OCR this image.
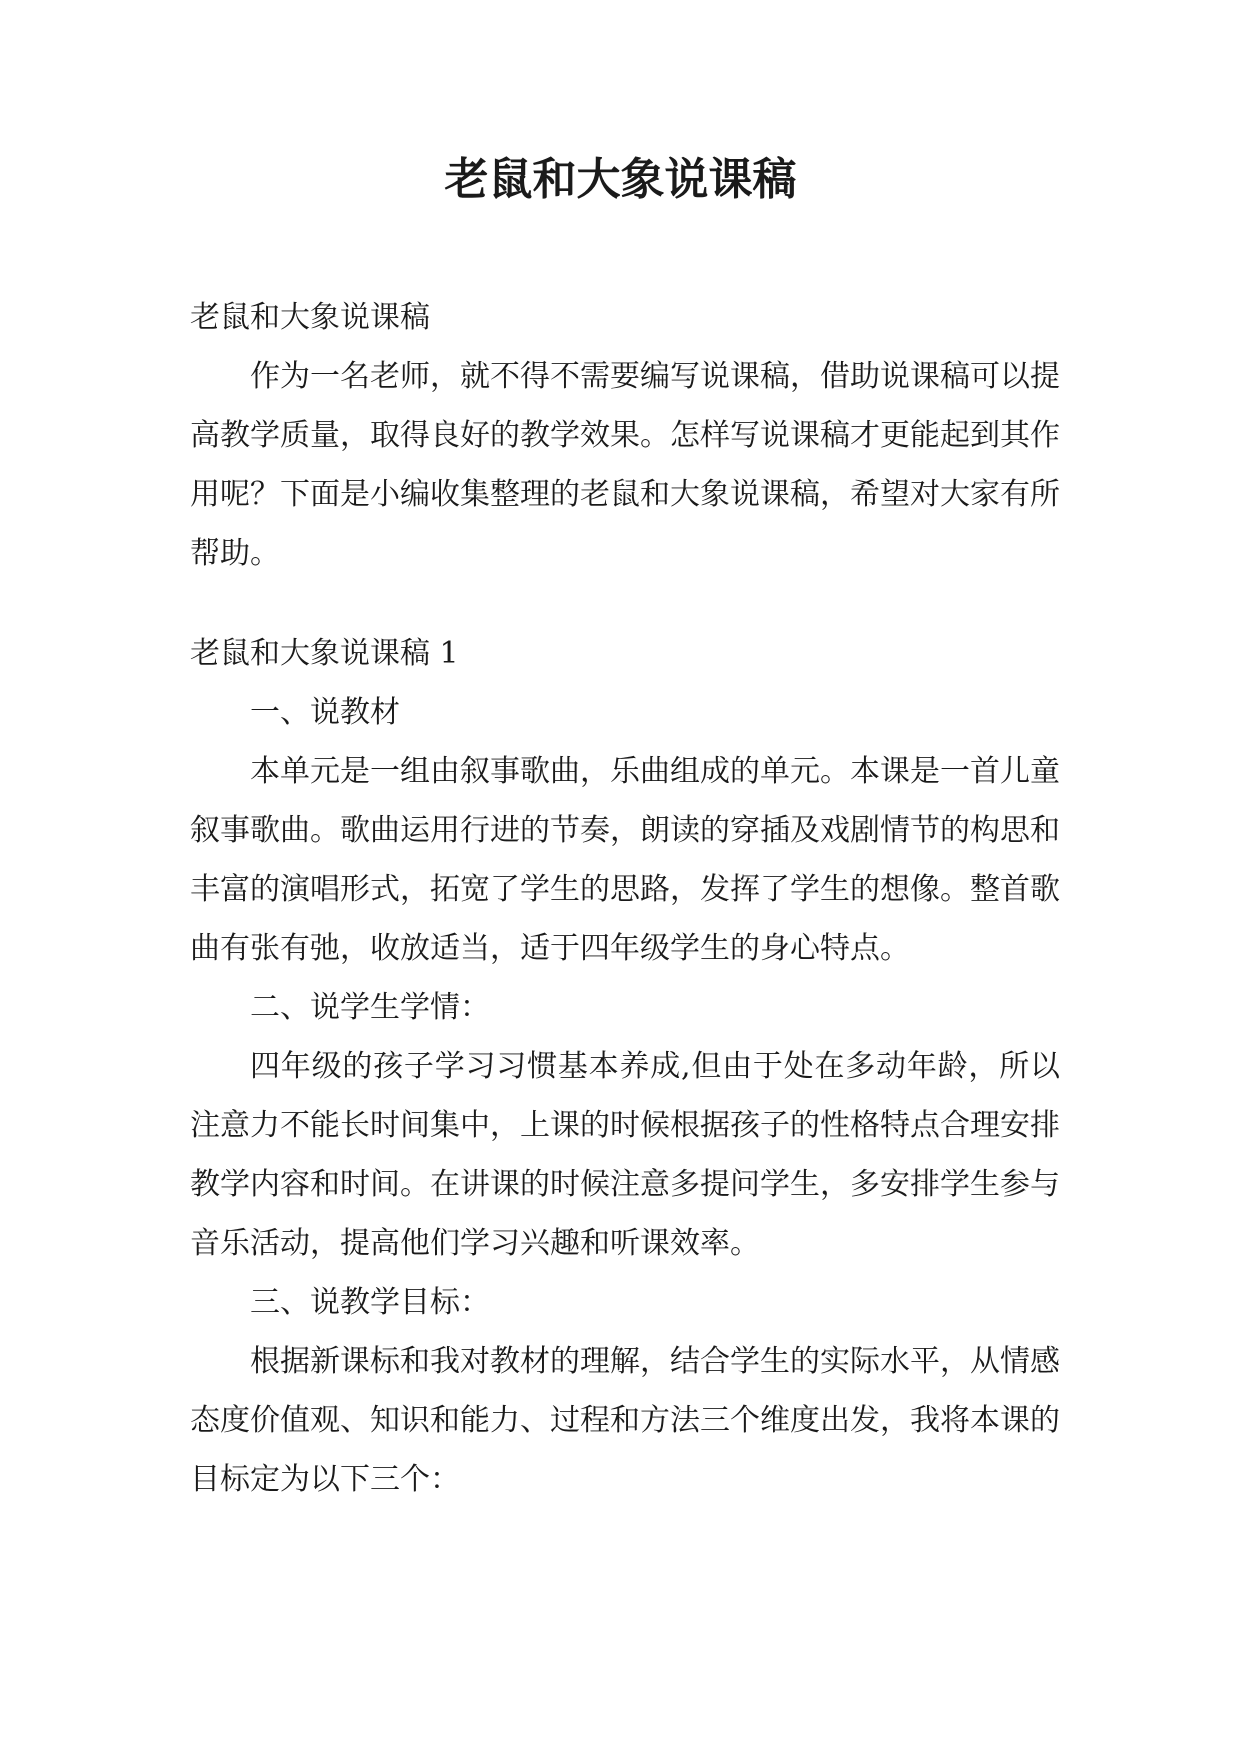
老鼠和大象说课稿

老鼠和大象说课稿

作为一名老师，就不得不需要编写说课稿，借助说课稿可以提高教学质量，取得良好的教学效果。怎样写说课稿才更能起到其作用呢？下面是小编收集整理的老鼠和大象说课稿，希望对大家有所帮助。

老鼠和大象说课稿 1

一、说教材

本单元是一组由叙事歌曲，乐曲组成的单元。本课是一首儿童叙事歌曲。歌曲运用行进的节奏，朗读的穿插及戏剧情节的构思和丰富的演唱形式，拓宽了学生的思路，发挥了学生的想像。整首歌曲有张有弛，收放适当，适于四年级学生的身心特点。

二、说学生学情：

四年级的孩子学习习惯基本养成,但由于处在多动年龄，所以注意力不能长时间集中，上课的时候根据孩子的性格特点合理安排教学内容和时间。在讲课的时候注意多提问学生，多安排学生参与音乐活动，提高他们学习兴趣和听课效率。

三、说教学目标：

根据新课标和我对教材的理解，结合学生的实际水平，从情感态度价值观、知识和能力、过程和方法三个维度出发，我将本课的目标定为以下三个：
